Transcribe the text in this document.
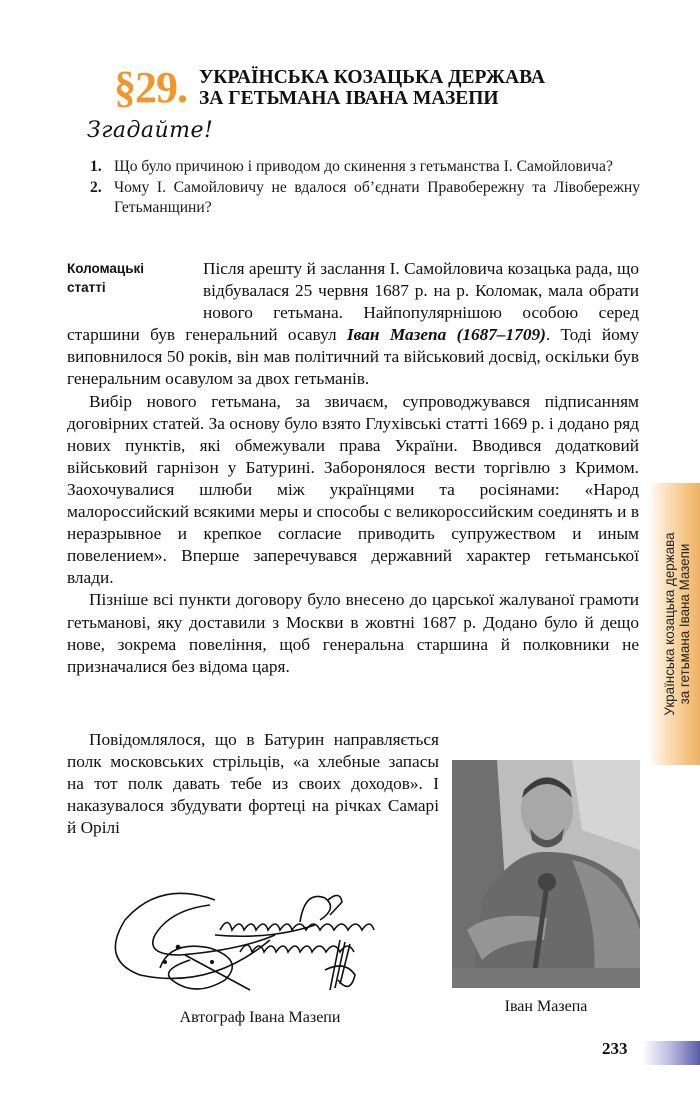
§29. УКРАЇНСЬКА КОЗАЦЬКА ДЕРЖАВА
ЗА ГЕТЬМАНА ІВАНА МАЗЕПИ
Згадайте!
1. Що було причиною і приводом до скинення з гетьманства І. Самойловича?
2. Чому І. Самойловичу не вдалося об’єднати Правобережну та Лівобережну Гетьманщини?
Коломацькі
статті

Після арешту й заслання І. Самойловича козацька рада, що відбувалася 25 червня 1687 р. на р. Коломак, мала обрати нового гетьмана. Найпопулярнішою особою серед старшини був генеральний осавул Іван Мазепа (1687–1709). Тоді йому виповнилося 50 років, він мав політичний та військовий досвід, оскільки був генеральним осавулом за двох гетьманів.

Вибір нового гетьмана, за звичаєм, супроводжувався підписанням договірних статей. За основу було взято Глухівські статті 1669 р. і додано ряд нових пунктів, які обмежували права України. Вводився додатковий військовий гарнізон у Батурині. Заборонялося вести торгівлю з Кримом. Заохочувалися шлюби між українцями та росіянами: «Народ малороссийский всякими меры и способы с великороссийским соединять и в неразрывное и крепкое согласие приводить супружеством и иным повелением». Вперше заперечувався державний характер гетьманської влади.

Пізніше всі пункти договору було внесено до царської жалуваної грамоти гетьманові, яку доставили з Москви в жовтні 1687 р. Додано було й дещо нове, зокрема повеління, щоб генеральна старшина й полковники не призначалися без відома царя.

Повідомлялося, що в Батурин направляється полк московських стрільців, «а хлебные запасы на тот полк давать тебе из своих доходов». І наказувалося збудувати фортеці на річках Самарі й Орілі

Іван Мазепа
Автограф Івана Мазепи
Українська козацька держава за гетьмана Івана Мазепи
233
